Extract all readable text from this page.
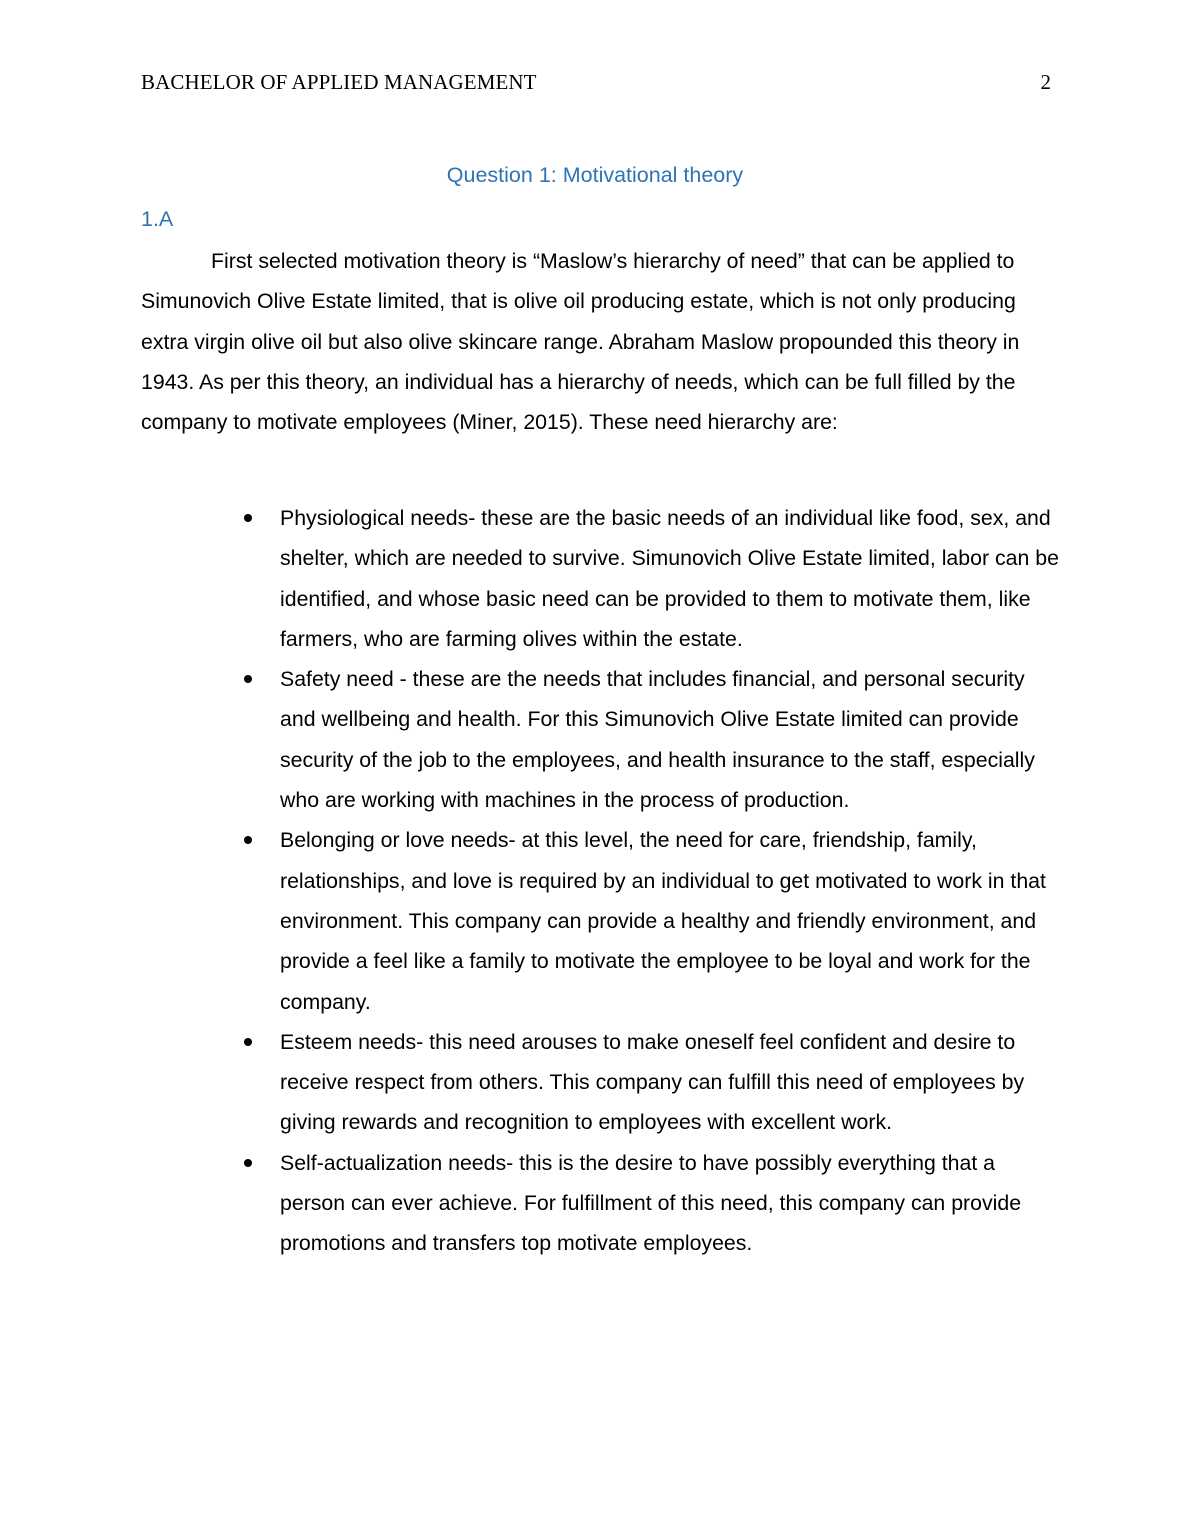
BACHELOR OF APPLIED MANAGEMENT	2
Question 1: Motivational theory
1.A

First selected motivation theory is “Maslow’s hierarchy of need” that can be applied to Simunovich Olive Estate limited, that is olive oil producing estate, which is not only producing extra virgin olive oil but also olive skincare range. Abraham Maslow propounded this theory in 1943. As per this theory, an individual has a hierarchy of needs, which can be full filled by the company to motivate employees (Miner, 2015). These need hierarchy are:

Physiological needs- these are the basic needs of an individual like food, sex, and shelter, which are needed to survive. Simunovich Olive Estate limited, labor can be identified, and whose basic need can be provided to them to motivate them, like farmers, who are farming olives within the estate.
Safety need - these are the needs that includes financial, and personal security and wellbeing and health. For this Simunovich Olive Estate limited can provide security of the job to the employees, and health insurance to the staff, especially who are working with machines in the process of production.
Belonging or love needs- at this level, the need for care, friendship, family, relationships, and love is required by an individual to get motivated to work in that environment. This company can provide a healthy and friendly environment, and provide a feel like a family to motivate the employee to be loyal and work for the company.
Esteem needs- this need arouses to make oneself feel confident and desire to receive respect from others. This company can fulfill this need of employees by giving rewards and recognition to employees with excellent work.
Self-actualization needs- this is the desire to have possibly everything that a person can ever achieve. For fulfillment of this need, this company can provide promotions and transfers top motivate employees.
